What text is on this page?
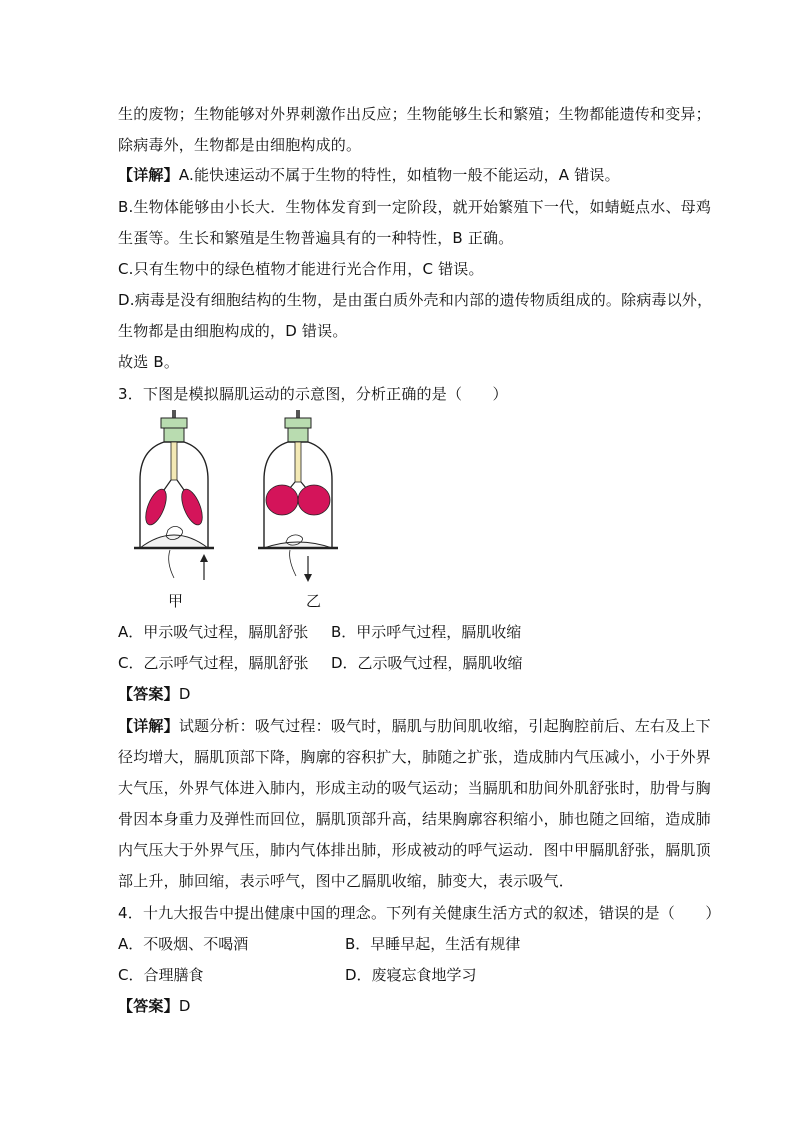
生的废物；生物能够对外界刺激作出反应；生物能够生长和繁殖；生物都能遗传和变异；
除病毒外，生物都是由细胞构成的。
【详解】A.能快速运动不属于生物的特性，如植物一般不能运动，A 错误。
B.生物体能够由小长大．生物体发育到一定阶段，就开始繁殖下一代，如蜻蜓点水、母鸡
生蛋等。生长和繁殖是生物普遍具有的一种特性，B 正确。
C.只有生物中的绿色植物才能进行光合作用，C 错误。
D.病毒是没有细胞结构的生物，是由蛋白质外壳和内部的遗传物质组成的。除病毒以外，
生物都是由细胞构成的，D 错误。
故选 B。
3．下图是模拟膈肌运动的示意图，分析正确的是（　　）
甲	乙
A．甲示吸气过程，膈肌舒张 B．甲示呼气过程，膈肌收缩
C．乙示呼气过程，膈肌舒张 D．乙示吸气过程，膈肌收缩
【答案】D
【详解】试题分析：吸气过程：吸气时，膈肌与肋间肌收缩，引起胸腔前后、左右及上下
径均增大，膈肌顶部下降，胸廓的容积扩大，肺随之扩张，造成肺内气压减小，小于外界
大气压，外界气体进入肺内，形成主动的吸气运动；当膈肌和肋间外肌舒张时，肋骨与胸
骨因本身重力及弹性而回位，膈肌顶部升高，结果胸廓容积缩小，肺也随之回缩，造成肺
内气压大于外界气压，肺内气体排出肺，形成被动的呼气运动．图中甲膈肌舒张，膈肌顶
部上升，肺回缩，表示呼气，图中乙膈肌收缩，肺变大，表示吸气．
4．十九大报告中提出健康中国的理念。下列有关健康生活方式的叙述，错误的是（　　）
A．不吸烟、不喝酒	B．早睡早起，生活有规律
C．合理膳食	D．废寝忘食地学习
【答案】D
